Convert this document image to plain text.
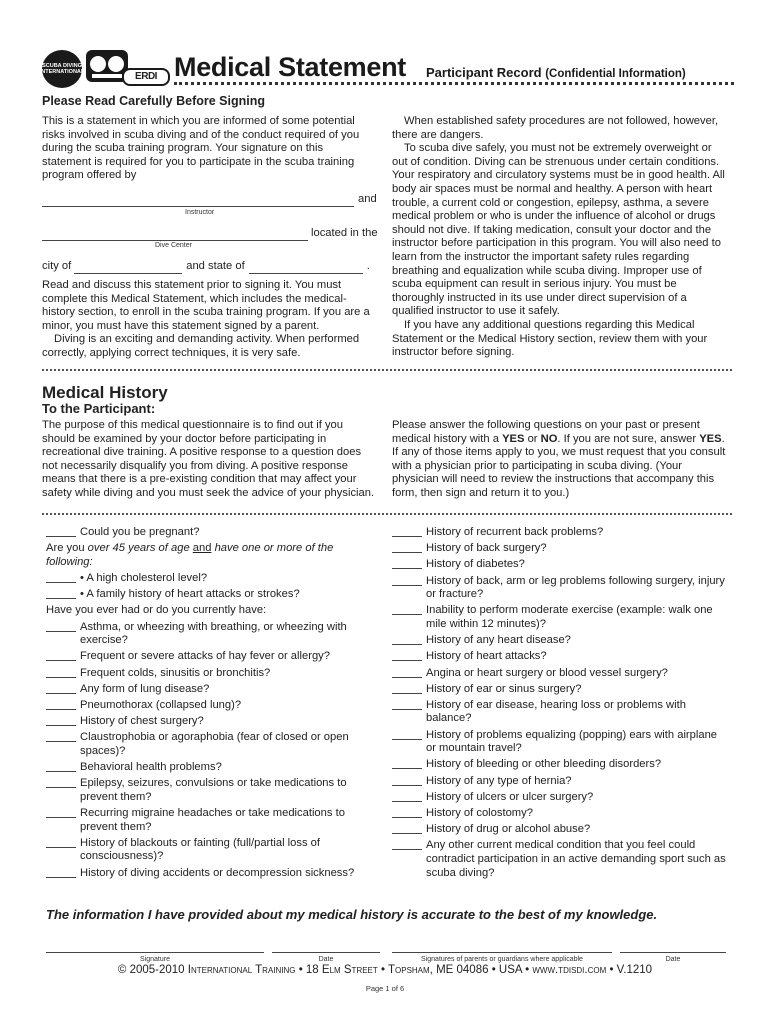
SCUBA DIVING INTERNATIONAL	ERDI Medical Statement Participant Record (Confidential Information)
Please Read Carefully Before Signing

This is a statement in which you are informed of some potential risks involved in scuba diving and of the conduct required of you during the scuba training program. Your signature on this statement is required for you to participate in the scuba training program offered by

and
Instructor
located in the
Dive Center
city of	and state of	.

Read and discuss this statement prior to signing it. You must complete this Medical Statement, which includes the medical-history section, to enroll in the scuba training program. If you are a minor, you must have this statement signed by a parent.

Diving is an exciting and demanding activity. When performed correctly, applying correct techniques, it is very safe.

When established safety procedures are not followed, however, there are dangers.

To scuba dive safely, you must not be extremely overweight or out of condition. Diving can be strenuous under certain conditions. Your respiratory and circulatory systems must be in good health. All body air spaces must be normal and healthy. A person with heart trouble, a current cold or congestion, epilepsy, asthma, a severe medical problem or who is under the influence of alcohol or drugs should not dive. If taking medication, consult your doctor and the instructor before participation in this program. You will also need to learn from the instructor the important safety rules regarding breathing and equalization while scuba diving. Improper use of scuba equipment can result in serious injury. You must be thoroughly instructed in its use under direct supervision of a qualified instructor to use it safely.

If you have any additional questions regarding this Medical Statement or the Medical History section, review them with your instructor before signing.

Medical History
To the Participant:

The purpose of this medical questionnaire is to find out if you should be examined by your doctor before participating in recreational dive training. A positive response to a question does not necessarily disqualify you from diving. A positive response means that there is a pre-existing condition that may affect your safety while diving and you must seek the advice of your physician.

Please answer the following questions on your past or present medical history with a YES or NO. If you are not sure, answer YES. If any of those items apply to you, we must request that you consult with a physician prior to participating in scuba diving. (Your physician will need to review the instructions that accompany this form, then sign and return it to you.)

Could you be pregnant?
Are you over 45 years of age and have one or more of the following:
• A high cholesterol level?
• A family history of heart attacks or strokes?
Have you ever had or do you currently have:
Asthma, or wheezing with breathing, or wheezing with exercise?
Frequent or severe attacks of hay fever or allergy?
Frequent colds, sinusitis or bronchitis?
Any form of lung disease?
Pneumothorax (collapsed lung)?
History of chest surgery?
Claustrophobia or agoraphobia (fear of closed or open spaces)?
Behavioral health problems?
Epilepsy, seizures, convulsions or take medications to prevent them?
Recurring migraine headaches or take medications to prevent them?
History of blackouts or fainting (full/partial loss of consciousness)?
History of diving accidents or decompression sickness?
History of recurrent back problems?
History of back surgery?
History of diabetes?
History of back, arm or leg problems following surgery, injury or fracture?
Inability to perform moderate exercise (example: walk one mile within 12 minutes)?
History of any heart disease?
History of heart attacks?
Angina or heart surgery or blood vessel surgery?
History of ear or sinus surgery?
History of ear disease, hearing loss or problems with balance?
History of problems equalizing (popping) ears with airplane or mountain travel?
History of bleeding or other bleeding disorders?
History of any type of hernia?
History of ulcers or ulcer surgery?
History of colostomy?
History of drug or alcohol abuse?
Any other current medical condition that you feel could contradict participation in an active demanding sport such as scuba diving?
The information I have provided about my medical history is accurate to the best of my knowledge.
Signature	Date	Signatures of parents or guardians where applicable	Date
© 2005-2010 International Training • 18 Elm Street • Topsham, ME 04086 • USA • www.tdisdi.com • V.1210
Page 1 of 6
